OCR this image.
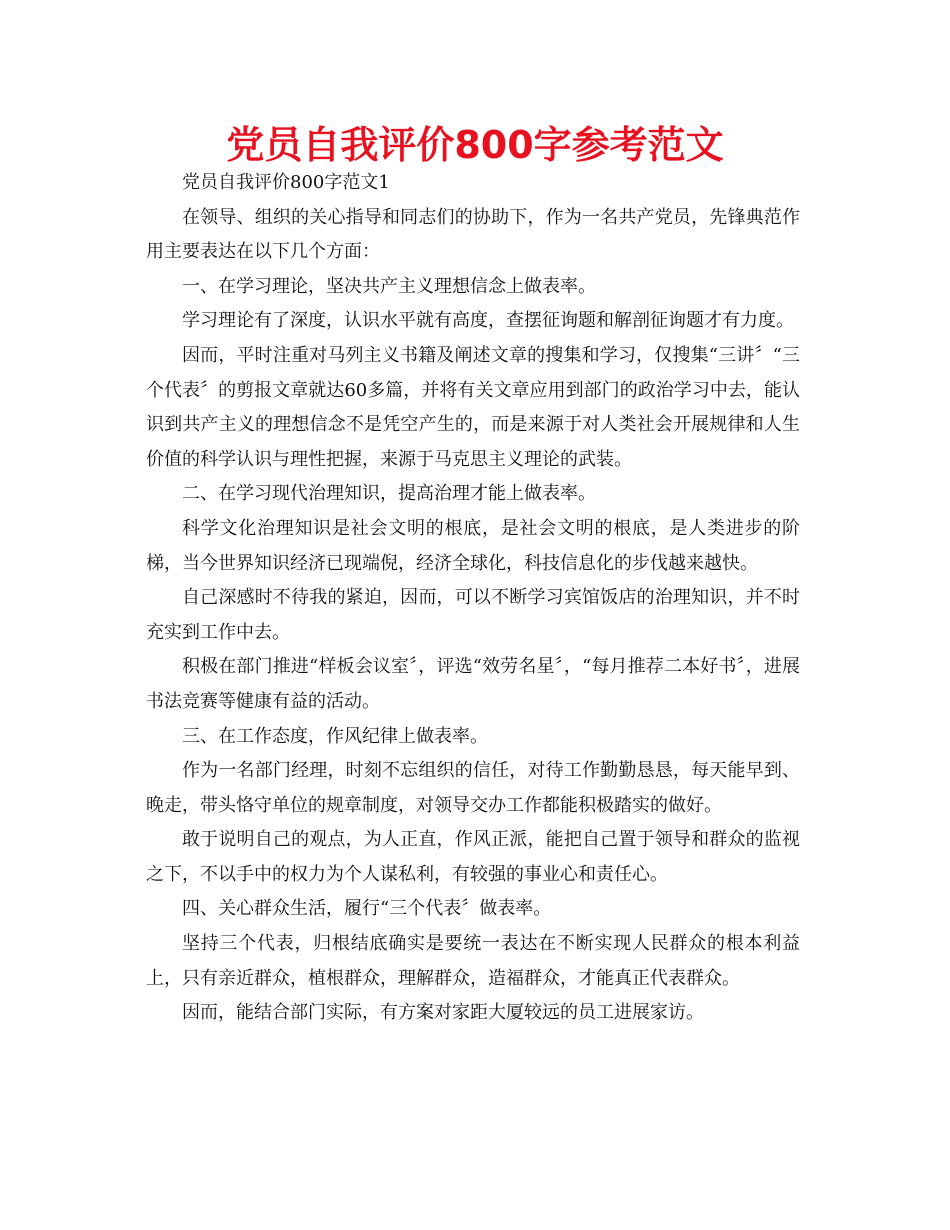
党员自我评价800字参考范文

党员自我评价800字范文1

在领导、组织的关心指导和同志们的协助下，作为一名共产党员，先锋典范作用主要表达在以下几个方面：

一、在学习理论，坚决共产主义理想信念上做表率。

学习理论有了深度，认识水平就有高度，查摆征询题和解剖征询题才有力度。

因而，平时注重对马列主义书籍及阐述文章的搜集和学习，仅搜集“三讲〞“三个代表〞的剪报文章就达60多篇，并将有关文章应用到部门的政治学习中去，能认识到共产主义的理想信念不是凭空产生的，而是来源于对人类社会开展规律和人生价值的科学认识与理性把握，来源于马克思主义理论的武装。

二、在学习现代治理知识，提高治理才能上做表率。

科学文化治理知识是社会文明的根底，是社会文明的根底，是人类进步的阶梯，当今世界知识经济已现端倪，经济全球化，科技信息化的步伐越来越快。

自己深感时不待我的紧迫，因而，可以不断学习宾馆饭店的治理知识，并不时充实到工作中去。

积极在部门推进“样板会议室〞，评选“效劳名星〞，“每月推荐二本好书〞，进展书法竞赛等健康有益的活动。

三、在工作态度，作风纪律上做表率。

作为一名部门经理，时刻不忘组织的信任，对待工作勤勤恳恳，每天能早到、晚走，带头恪守单位的规章制度，对领导交办工作都能积极踏实的做好。

敢于说明自己的观点，为人正直，作风正派，能把自己置于领导和群众的监视之下，不以手中的权力为个人谋私利，有较强的事业心和责任心。

四、关心群众生活，履行“三个代表〞做表率。

坚持三个代表，归根结底确实是要统一表达在不断实现人民群众的根本利益上，只有亲近群众，植根群众，理解群众，造福群众，才能真正代表群众。

因而，能结合部门实际，有方案对家距大厦较远的员工进展家访。
